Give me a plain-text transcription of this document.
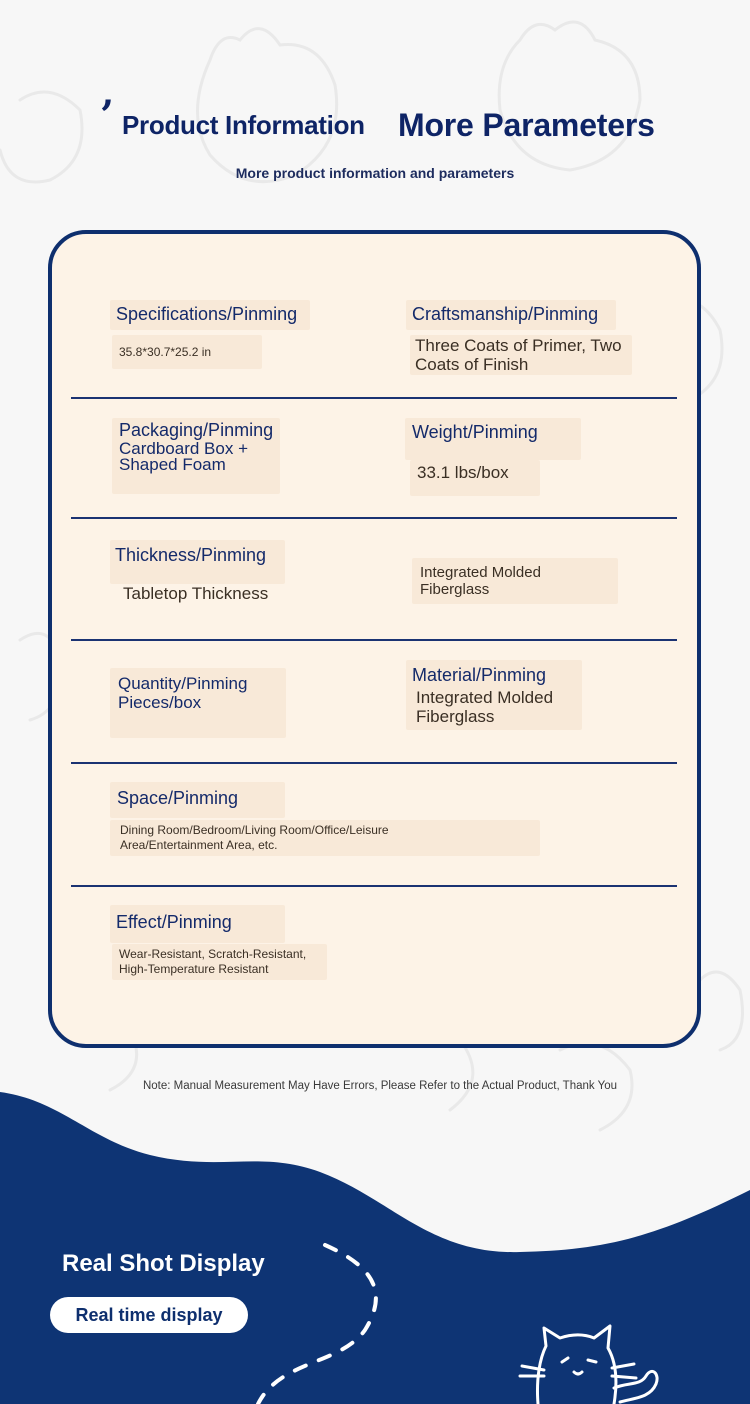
’ Product Information More Parameters
More product information and parameters
Specifications/Pinming
35.8*30.7*25.2 in
Craftsmanship/Pinming
Three Coats of Primer, Two
Coats of Finish
Packaging/Pinming
Cardboard Box +
Shaped Foam
Weight/Pinming
33.1 lbs/box
Thickness/Pinming
Tabletop Thickness
Integrated Molded
Fiberglass
Quantity/Pinming
Pieces/box
Material/Pinming
Integrated Molded
Fiberglass
Space/Pinming
Dining Room/Bedroom/Living Room/Office/Leisure
Area/Entertainment Area, etc.
Effect/Pinming
Wear-Resistant, Scratch-Resistant,
High-Temperature Resistant
Note: Manual Measurement May Have Errors, Please Refer to the Actual Product, Thank You
Real Shot Display
Real time display
